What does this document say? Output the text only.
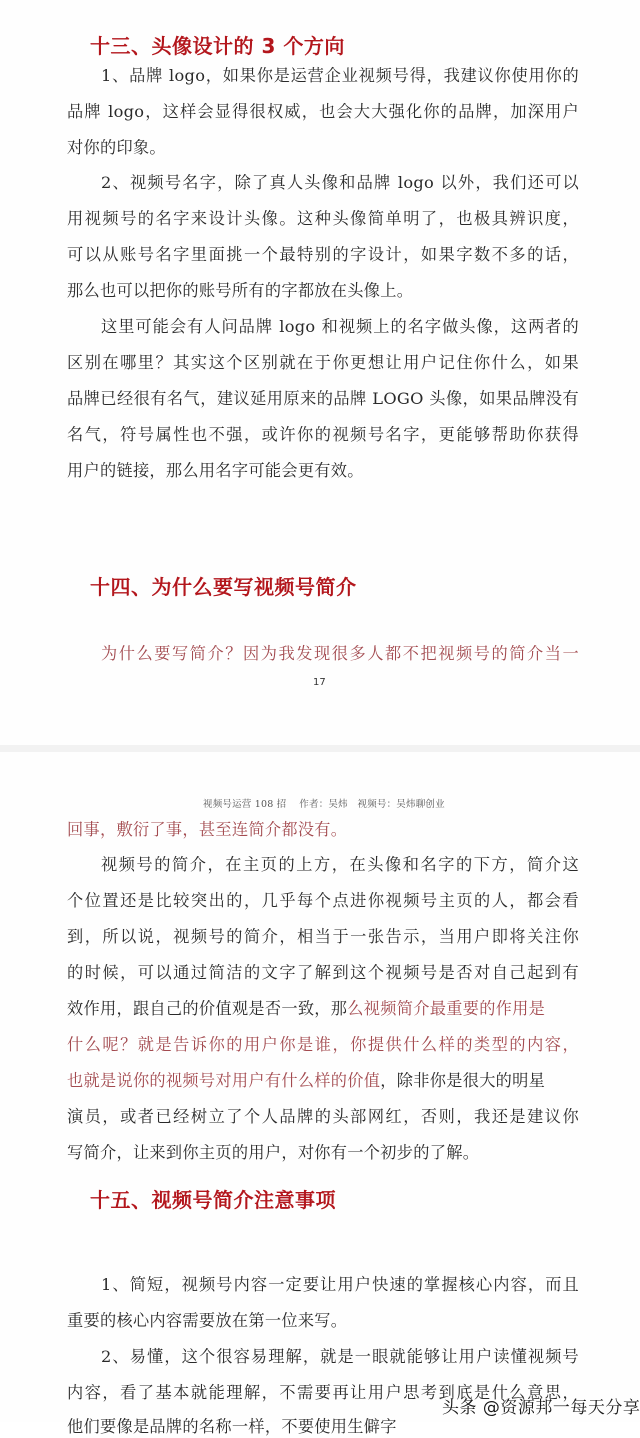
十三、头像设计的 3 个方向
1、品牌 logo，如果你是运营企业视频号得，我建议你使用你的
品牌 logo，这样会显得很权威，也会大大强化你的品牌，加深用户
对你的印象。
2、视频号名字，除了真人头像和品牌 logo 以外，我们还可以
用视频号的名字来设计头像。这种头像简单明了，也极具辨识度，
可以从账号名字里面挑一个最特别的字设计，如果字数不多的话，
那么也可以把你的账号所有的字都放在头像上。
这里可能会有人问品牌 logo 和视频上的名字做头像，这两者的
区别在哪里？其实这个区别就在于你更想让用户记住你什么，如果
品牌已经很有名气，建议延用原来的品牌 LOGO 头像，如果品牌没有
名气，符号属性也不强，或许你的视频号名字，更能够帮助你获得
用户的链接，那么用名字可能会更有效。
十四、为什么要写视频号简介
为什么要写简介？因为我发现很多人都不把视频号的简介当一
17
视频号运营 108 招　 作者：吴炜　视频号：吴炜聊创业
回事，敷衍了事，甚至连简介都没有。
视频号的简介，在主页的上方，在头像和名字的下方，简介这
个位置还是比较突出的，几乎每个点进你视频号主页的人，都会看
到，所以说，视频号的简介，相当于一张告示，当用户即将关注你
的时候，可以通过简洁的文字了解到这个视频号是否对自己起到有
效作用，跟自己的价值观是否一致，那 么视频简介最重要的作用是
什么呢？就是告诉你的用户你是谁，你提供什么样的类型的内容，
也就是说你的视频号对用户有什么样的价值 ，除非你是很大的明星
演员，或者已经树立了个人品牌的头部网红，否则，我还是建议你
写简介，让来到你主页的用户，对你有一个初步的了解。
十五、视频号简介注意事项
1、简短，视频号内容一定要让用户快速的掌握核心内容，而且
重要的核心内容需要放在第一位来写。
2、易懂，这个很容易理解，就是一眼就能够让用户读懂视频号
内容，看了基本就能理解，不需要再让用户思考到底是什么意思，
他们要像是品牌的名称一样，不要使用生僻字
头条 @资源邦一每天分享
